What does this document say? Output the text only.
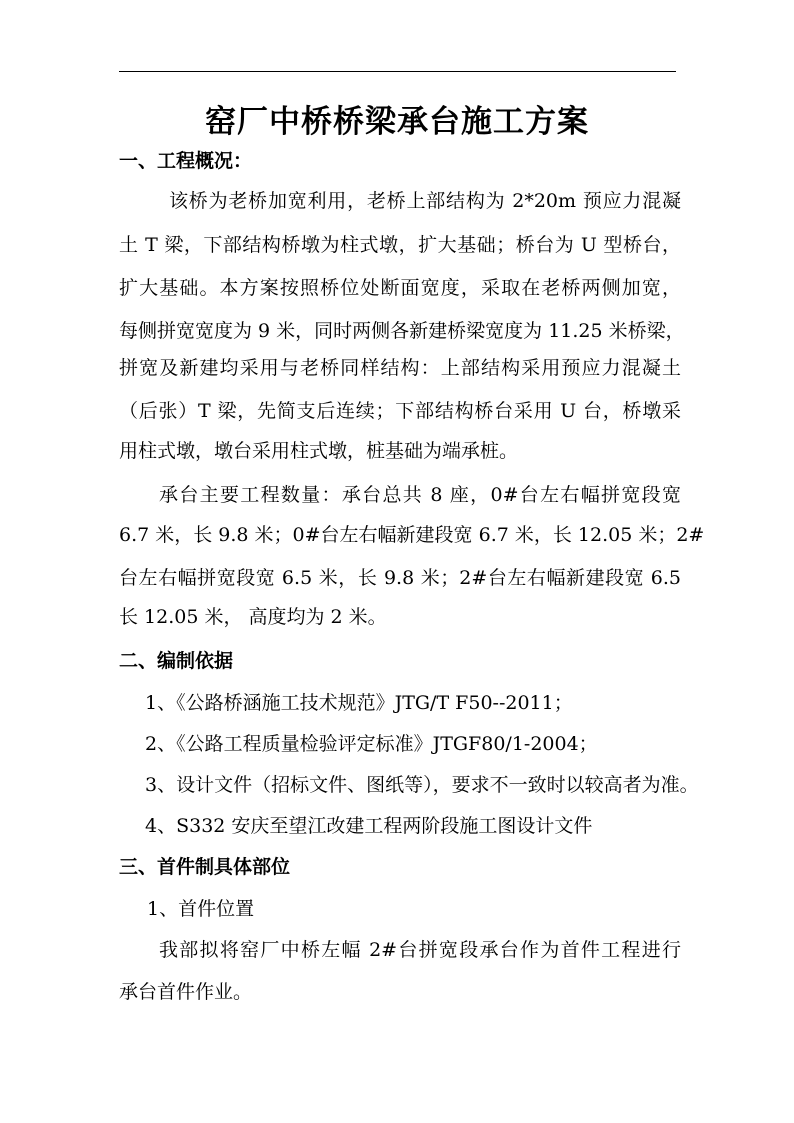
窑厂中桥桥梁承台施工方案
一、工程概况：
该桥为老桥加宽利用，老桥上部结构为 2*20m 预应力混凝
土 T 梁，下部结构桥墩为柱式墩，扩大基础；桥台为 U 型桥台，
扩大基础。本方案按照桥位处断面宽度，采取在老桥两侧加宽，
每侧拼宽宽度为 9 米，同时两侧各新建桥梁宽度为 11.25 米桥梁，
拼宽及新建均采用与老桥同样结构：上部结构采用预应力混凝土
（后张）T 梁，先简支后连续；下部结构桥台采用 U 台，桥墩采
用柱式墩，墩台采用柱式墩，桩基础为端承桩。
承台主要工程数量：承台总共 8 座，0#台左右幅拼宽段宽
6.7 米，长 9.8 米；0#台左右幅新建段宽 6.7 米，长 12.05 米；2#
台左右幅拼宽段宽 6.5 米，长 9.8 米；2#台左右幅新建段宽 6.5
长 12.05 米， 高度均为 2 米。
二、编制依据
1、《公路桥涵施工技术规范》JTG/T F50--2011；
2、《公路工程质量检验评定标准》JTGF80/1-2004；
3、设计文件（招标文件、图纸等），要求不一致时以较高者为准。
4、S332 安庆至望江改建工程两阶段施工图设计文件
三、首件制具体部位
1、首件位置
我部拟将窑厂中桥左幅 2#台拼宽段承台作为首件工程进行
承台首件作业。
